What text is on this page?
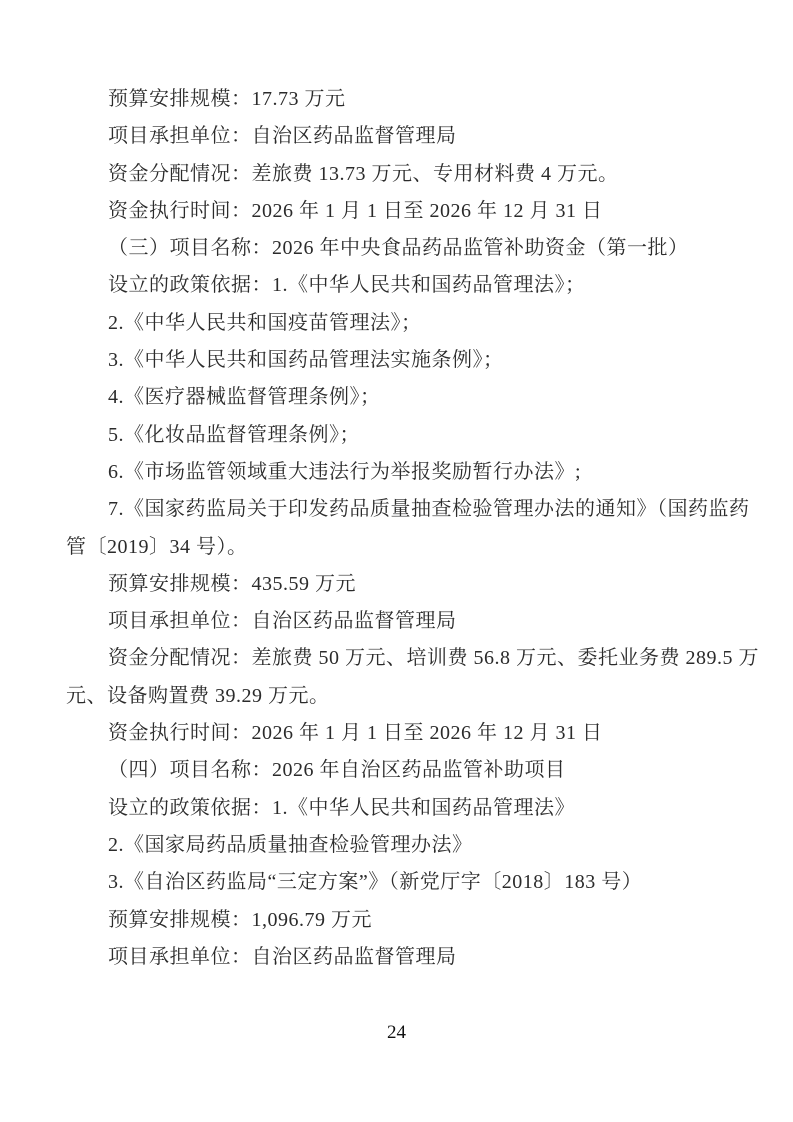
预算安排规模：17.73 万元
项目承担单位：自治区药品监督管理局
资金分配情况：差旅费 13.73 万元、专用材料费 4 万元。
资金执行时间：2026 年 1 月 1 日至 2026 年 12 月 31 日
（三）项目名称：2026 年中央食品药品监管补助资金（第一批）
设立的政策依据：1.《中华人民共和国药品管理法》；
2.《中华人民共和国疫苗管理法》；
3.《中华人民共和国药品管理法实施条例》；
4.《医疗器械监督管理条例》；
5.《化妆品监督管理条例》；
6.《市场监管领域重大违法行为举报奖励暂行办法》;
7.《国家药监局关于印发药品质量抽查检验管理办法的通知》（国药监药
管〔2019〕34 号）。
预算安排规模：435.59 万元
项目承担单位：自治区药品监督管理局
资金分配情况：差旅费 50 万元、培训费 56.8 万元、委托业务费 289.5 万
元、设备购置费 39.29 万元。
资金执行时间：2026 年 1 月 1 日至 2026 年 12 月 31 日
（四）项目名称：2026 年自治区药品监管补助项目
设立的政策依据：1.《中华人民共和国药品管理法》
2.《国家局药品质量抽查检验管理办法》
3.《自治区药监局“三定方案”》（新党厅字〔2018〕183 号）
预算安排规模：1,096.79 万元
项目承担单位：自治区药品监督管理局
24
